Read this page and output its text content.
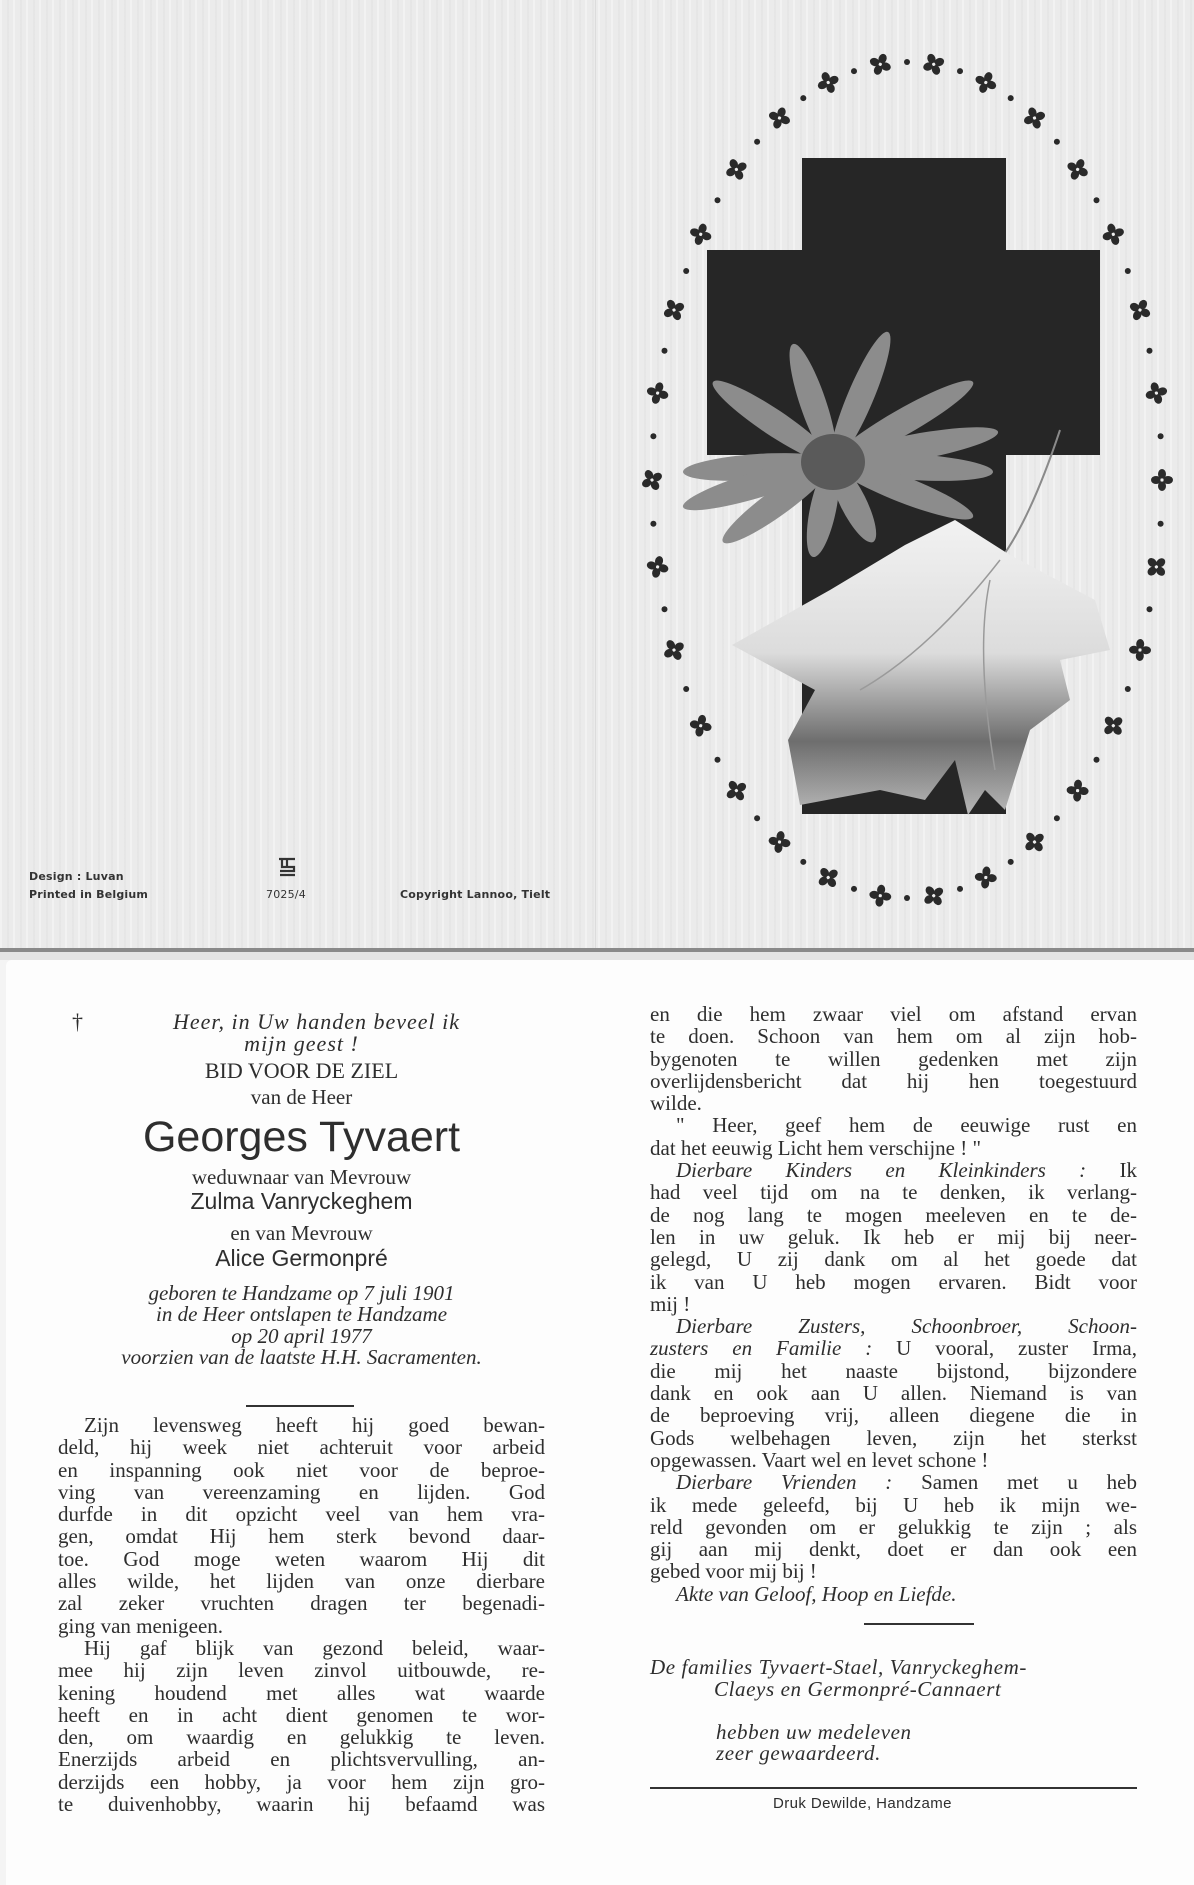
Design : Luvan
Printed in Belgium	7025/4	Copyright Lannoo, Tielt
†	Heer, in Uw handen beveel ik
mijn geest !
BID VOOR DE ZIEL
van de Heer
Georges Tyvaert
weduwnaar van Mevrouw
Zulma Vanryckeghem
en van Mevrouw
Alice Germonpré
geboren te Handzame op 7 juli 1901
in de Heer ontslapen te Handzame
op 20 april 1977
voorzien van de laatste H.H. Sacramenten.
Zijn levensweg heeft hij goed bewan-
deld, hij week niet achteruit voor arbeid
en inspanning ook niet voor de beproe-
ving van vereenzaming en lijden. God
durfde in dit opzicht veel van hem vra-
gen, omdat Hij hem sterk bevond daar-
toe. God moge weten waarom Hij dit
alles wilde, het lijden van onze dierbare
zal zeker vruchten dragen ter begenadi-
ging van menigeen.
Hij gaf blijk van gezond beleid, waar-
mee hij zijn leven zinvol uitbouwde, re-
kening houdend met alles wat waarde
heeft en in acht dient genomen te wor-
den, om waardig en gelukkig te leven.
Enerzijds arbeid en plichtsvervulling, an-
derzijds een hobby, ja voor hem zijn gro-
te duivenhobby, waarin hij befaamd was
en die hem zwaar viel om afstand ervan
te doen. Schoon van hem om al zijn hob-
bygenoten te willen gedenken met zijn
overlijdensbericht dat hij hen toegestuurd
wilde.
" Heer, geef hem de eeuwige rust en
dat het eeuwig Licht hem verschijne ! "
Dierbare Kinders en Kleinkinders : Ik
had veel tijd om na te denken, ik verlang-
de nog lang te mogen meeleven en te de-
len in uw geluk. Ik heb er mij bij neer-
gelegd, U zij dank om al het goede dat
ik van U heb mogen ervaren. Bidt voor
mij !
Dierbare Zusters, Schoonbroer, Schoon-
zusters en Familie : U vooral, zuster Irma,
die mij het naaste bijstond, bijzondere
dank en ook aan U allen. Niemand is van
de beproeving vrij, alleen diegene die in
Gods welbehagen leven, zijn het sterkst
opgewassen. Vaart wel en levet schone !
Dierbare Vrienden : Samen met u heb
ik mede geleefd, bij U heb ik mijn we-
reld gevonden om er gelukkig te zijn ; als
gij aan mij denkt, doet er dan ook een
gebed voor mij bij !
Akte van Geloof, Hoop en Liefde.
De families Tyvaert-Stael, Vanryckeghem-
Claeys en Germonpré-Cannaert
hebben uw medeleven
zeer gewaardeerd.
Druk Dewilde, Handzame
